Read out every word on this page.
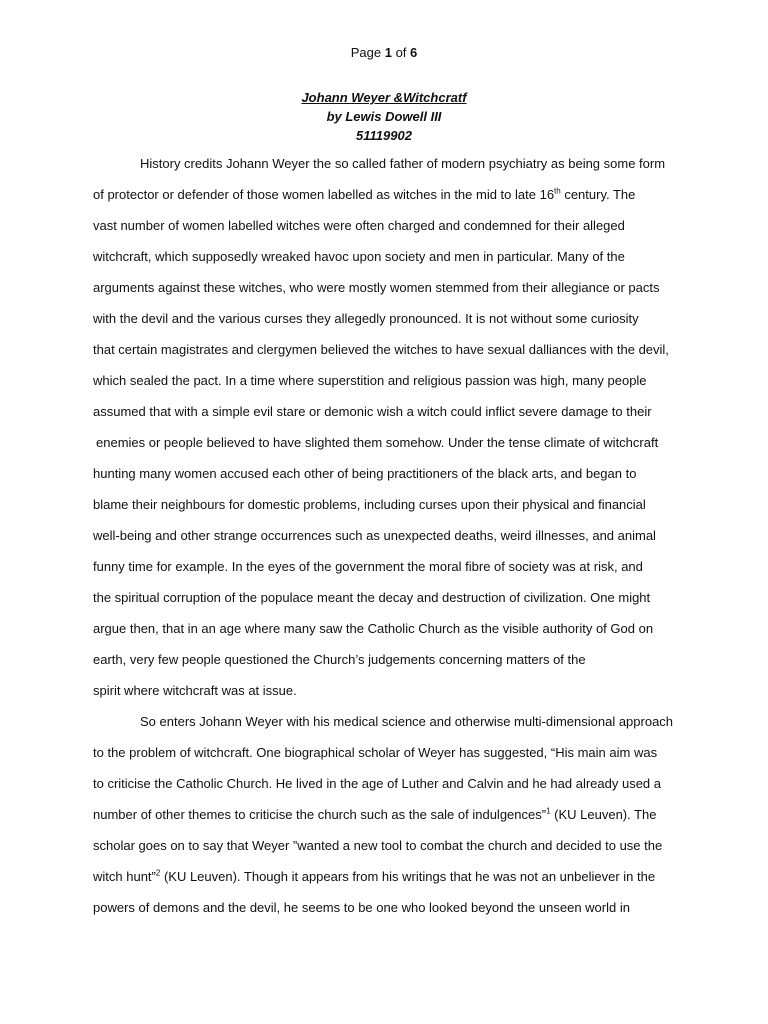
Page 1 of 6
Johann Weyer &Witchcratf
by Lewis Dowell III
51119902
History credits Johann Weyer the so called father of modern psychiatry as being some form
of protector or defender of those women labelled as witches in the mid to late 16th century. The
vast number of women labelled witches were often charged and condemned for their alleged
witchcraft, which supposedly wreaked havoc upon society and men in particular. Many of the
arguments against these witches, who were mostly women stemmed from their allegiance or pacts
with the devil and the various curses they allegedly pronounced. It is not without some curiosity
that certain magistrates and clergymen believed the witches to have sexual dalliances with the devil,
which sealed the pact. In a time where superstition and religious passion was high, many people
assumed that with a simple evil stare or demonic wish a witch could inflict severe damage to their
enemies or people believed to have slighted them somehow. Under the tense climate of witchcraft
hunting many women accused each other of being practitioners of the black arts, and began to
blame their neighbours for domestic problems, including curses upon their physical and financial
well-being and other strange occurrences such as unexpected deaths, weird illnesses, and animal
funny time for example. In the eyes of the government the moral fibre of society was at risk, and
the spiritual corruption of the populace meant the decay and destruction of civilization. One might
argue then, that in an age where many saw the Catholic Church as the visible authority of God on
earth, very few people questioned the Church’s judgements concerning matters of the
spirit where witchcraft was at issue.
So enters Johann Weyer with his medical science and otherwise multi-dimensional approach
to the problem of witchcraft. One biographical scholar of Weyer has suggested, “His main aim was
to criticise the Catholic Church. He lived in the age of Luther and Calvin and he had already used a
number of other themes to criticise the church such as the sale of indulgences”$^1$ (KU Leuven). The
scholar goes on to say that Weyer ”wanted a new tool to combat the church and decided to use the
witch hunt”$^2$ (KU Leuven). Though it appears from his writings that he was not an unbeliever in the
powers of demons and the devil, he seems to be one who looked beyond the unseen world in
